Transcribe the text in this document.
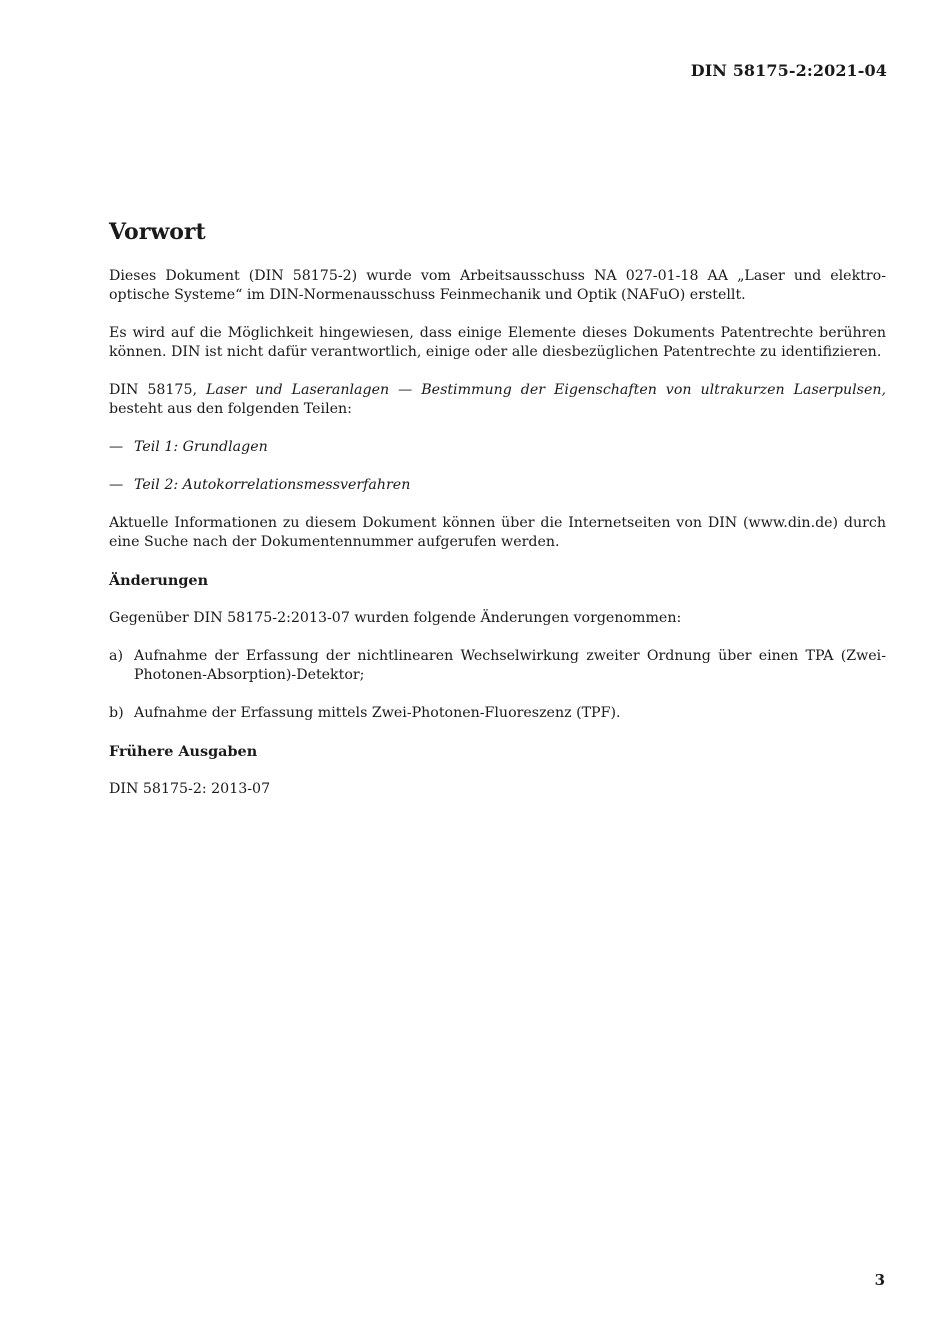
DIN 58175-2:2021-04
Vorwort

Dieses Dokument (DIN 58175-2) wurde vom Arbeitsausschuss NA 027-01-18 AA „Laser und elektro-optische Systeme“ im DIN-Normenausschuss Feinmechanik und Optik (NAFuO) erstellt.

Es wird auf die Möglichkeit hingewiesen, dass einige Elemente dieses Dokuments Patentrechte berühren können. DIN ist nicht dafür verantwortlich, einige oder alle diesbezüglichen Patentrechte zu identifizieren.

DIN 58175, Laser und Laseranlagen — Bestimmung der Eigenschaften von ultrakurzen Laserpulsen, besteht aus den folgenden Teilen:

— Teil 1: Grundlagen
— Teil 2: Autokorrelationsmessverfahren

Aktuelle Informationen zu diesem Dokument können über die Internetseiten von DIN (www.din.de) durch eine Suche nach der Dokumentennummer aufgerufen werden.

Änderungen

Gegenüber DIN 58175-2:2013-07 wurden folgende Änderungen vorgenommen:

a) Aufnahme der Erfassung der nichtlinearen Wechselwirkung zweiter Ordnung über einen TPA (Zwei-Photonen-Absorption)-Detektor;
b) Aufnahme der Erfassung mittels Zwei-Photonen-Fluoreszenz (TPF).
Frühere Ausgaben

DIN 58175-2: 2013-07

3
